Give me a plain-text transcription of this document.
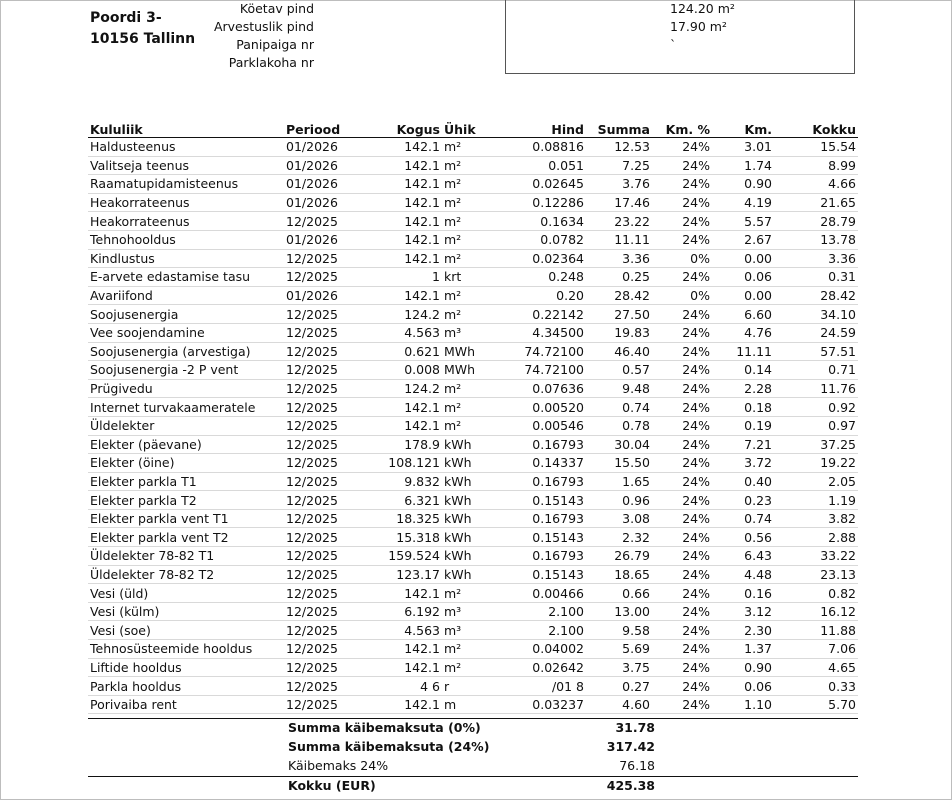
Poordi 3-
10156 Tallinn
Köetav pind	124.20 m²
Arvestuslik pind	17.90 m²
Panipaiga nr	`
Parklakoha nr
Kululiik	Periood	Kogus	Ühik	Hind	Summa	Km. %	Km.	Kokku
Haldusteenus	01/2026	142.1	m²	0.08816	12.53	24%	3.01	15.54
Valitseja teenus	01/2026	142.1	m²	0.051	7.25	24%	1.74	8.99
Raamatupidamisteenus	01/2026	142.1	m²	0.02645	3.76	24%	0.90	4.66
Heakorrateenus	01/2026	142.1	m²	0.12286	17.46	24%	4.19	21.65
Heakorrateenus	12/2025	142.1	m²	0.1634	23.22	24%	5.57	28.79
Tehnohooldus	01/2026	142.1	m²	0.0782	11.11	24%	2.67	13.78
Kindlustus	12/2025	142.1	m²	0.02364	3.36	0%	0.00	3.36
E-arvete edastamise tasu	12/2025	1	krt	0.248	0.25	24%	0.06	0.31
Avariifond	01/2026	142.1	m²	0.20	28.42	0%	0.00	28.42
Soojusenergia	12/2025	124.2	m²	0.22142	27.50	24%	6.60	34.10
Vee soojendamine	12/2025	4.563	m³	4.34500	19.83	24%	4.76	24.59
Soojusenergia (arvestiga)	12/2025	0.621	MWh	74.72100	46.40	24%	11.11	57.51
Soojusenergia -2 P vent	12/2025	0.008	MWh	74.72100	0.57	24%	0.14	0.71
Prügivedu	12/2025	124.2	m²	0.07636	9.48	24%	2.28	11.76
Internet turvakaameratele	12/2025	142.1	m²	0.00520	0.74	24%	0.18	0.92
Üldelekter	12/2025	142.1	m²	0.00546	0.78	24%	0.19	0.97
Elekter (päevane)	12/2025	178.9	kWh	0.16793	30.04	24%	7.21	37.25
Elekter (öine)	12/2025	108.121	kWh	0.14337	15.50	24%	3.72	19.22
Elekter parkla T1	12/2025	9.832	kWh	0.16793	1.65	24%	0.40	2.05
Elekter parkla T2	12/2025	6.321	kWh	0.15143	0.96	24%	0.23	1.19
Elekter parkla vent T1	12/2025	18.325	kWh	0.16793	3.08	24%	0.74	3.82
Elekter parkla vent T2	12/2025	15.318	kWh	0.15143	2.32	24%	0.56	2.88
Üldelekter 78-82 T1	12/2025	159.524	kWh	0.16793	26.79	24%	6.43	33.22
Üldelekter 78-82 T2	12/2025	123.17	kWh	0.15143	18.65	24%	4.48	23.13
Vesi (üld)	12/2025	142.1	m²	0.00466	0.66	24%	0.16	0.82
Vesi (külm)	12/2025	6.192	m³	2.100	13.00	24%	3.12	16.12
Vesi (soe)	12/2025	4.563	m³	2.100	9.58	24%	2.30	11.88
Tehnosüsteemide hooldus	12/2025	142.1	m²	0.04002	5.69	24%	1.37	7.06
Liftide hooldus	12/2025	142.1	m²	0.02642	3.75	24%	0.90	4.65
Parkla hooldus	12/2025	4 6	r	/01 8	0.27	24%	0.06	0.33
Porivaiba rent	12/2025	142.1	m	0.03237	4.60	24%	1.10	5.70
Summa käibemaksuta (0%)	31.78
Summa käibemaksuta (24%)	317.42
Käibemaks 24%	76.18
Kokku (EUR)	425.38
